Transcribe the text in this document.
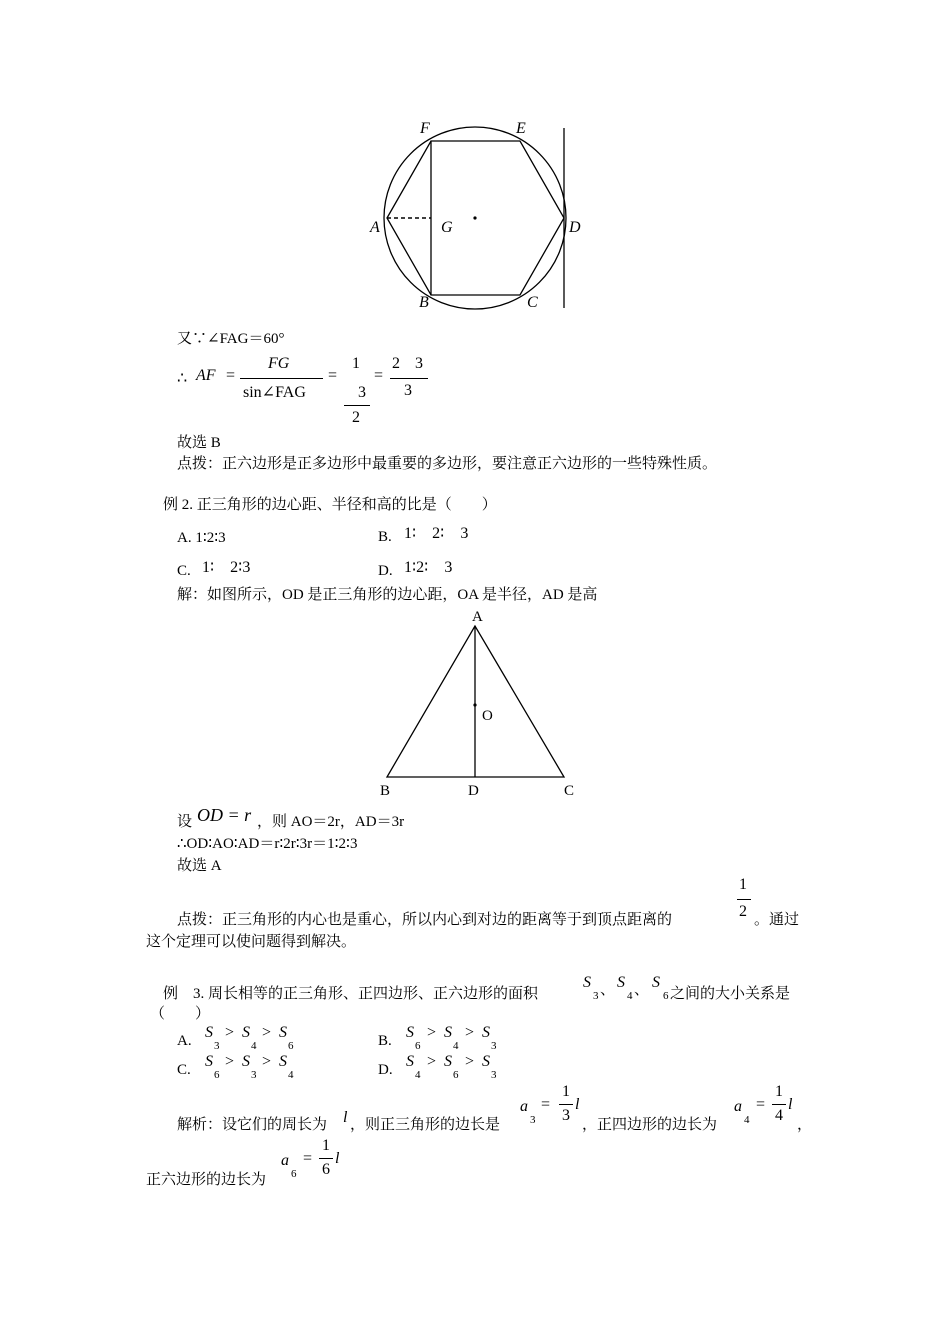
F	E
A	G	D
B	C
又∵∠FAG＝60°
∴ AF =
FG
sin∠FAG
=
1
3
2
=
2 3
3
故选 B
点拨：正六边形是正多边形中最重要的多边形，要注意正六边形的一些特殊性质。
例 2. 正三角形的边心距、半径和高的比是（　　）
A. 1∶2∶3	B. 1∶　2∶　3
C. 1∶　2∶3	D. 1∶2∶　3
解：如图所示，OD 是正三角形的边心距，OA 是半径，AD 是高
A
O
B	D	C
设 OD = r ，则 AO＝2r，AD＝3r
∴OD∶AO∶AD＝r∶2r∶3r＝1∶2∶3
故选 A
点拨：正三角形的内心也是重心，所以内心到对边的距离等于到顶点距离的
1
2 。通过
这个定理可以使问题得到解决。
例　3. 周长相等的正三角形、正四边形、正六边形的面积
S
3 、 S
4 、 S
6 之间的大小关系是
（　　）
A. S
3
> S
4
> S
6	B. S
6
> S
4
> S
3
C. S
6
> S
3
> S
4	D. S
4
> S
6
> S
3
解析：设它们的周长为 l ，则正三角形的边长是
a
3
=
1
3
l
，正四边形的边长为
a
4
=
1
4
l
，
正六边形的边长为
a
6
=
1
6
l
